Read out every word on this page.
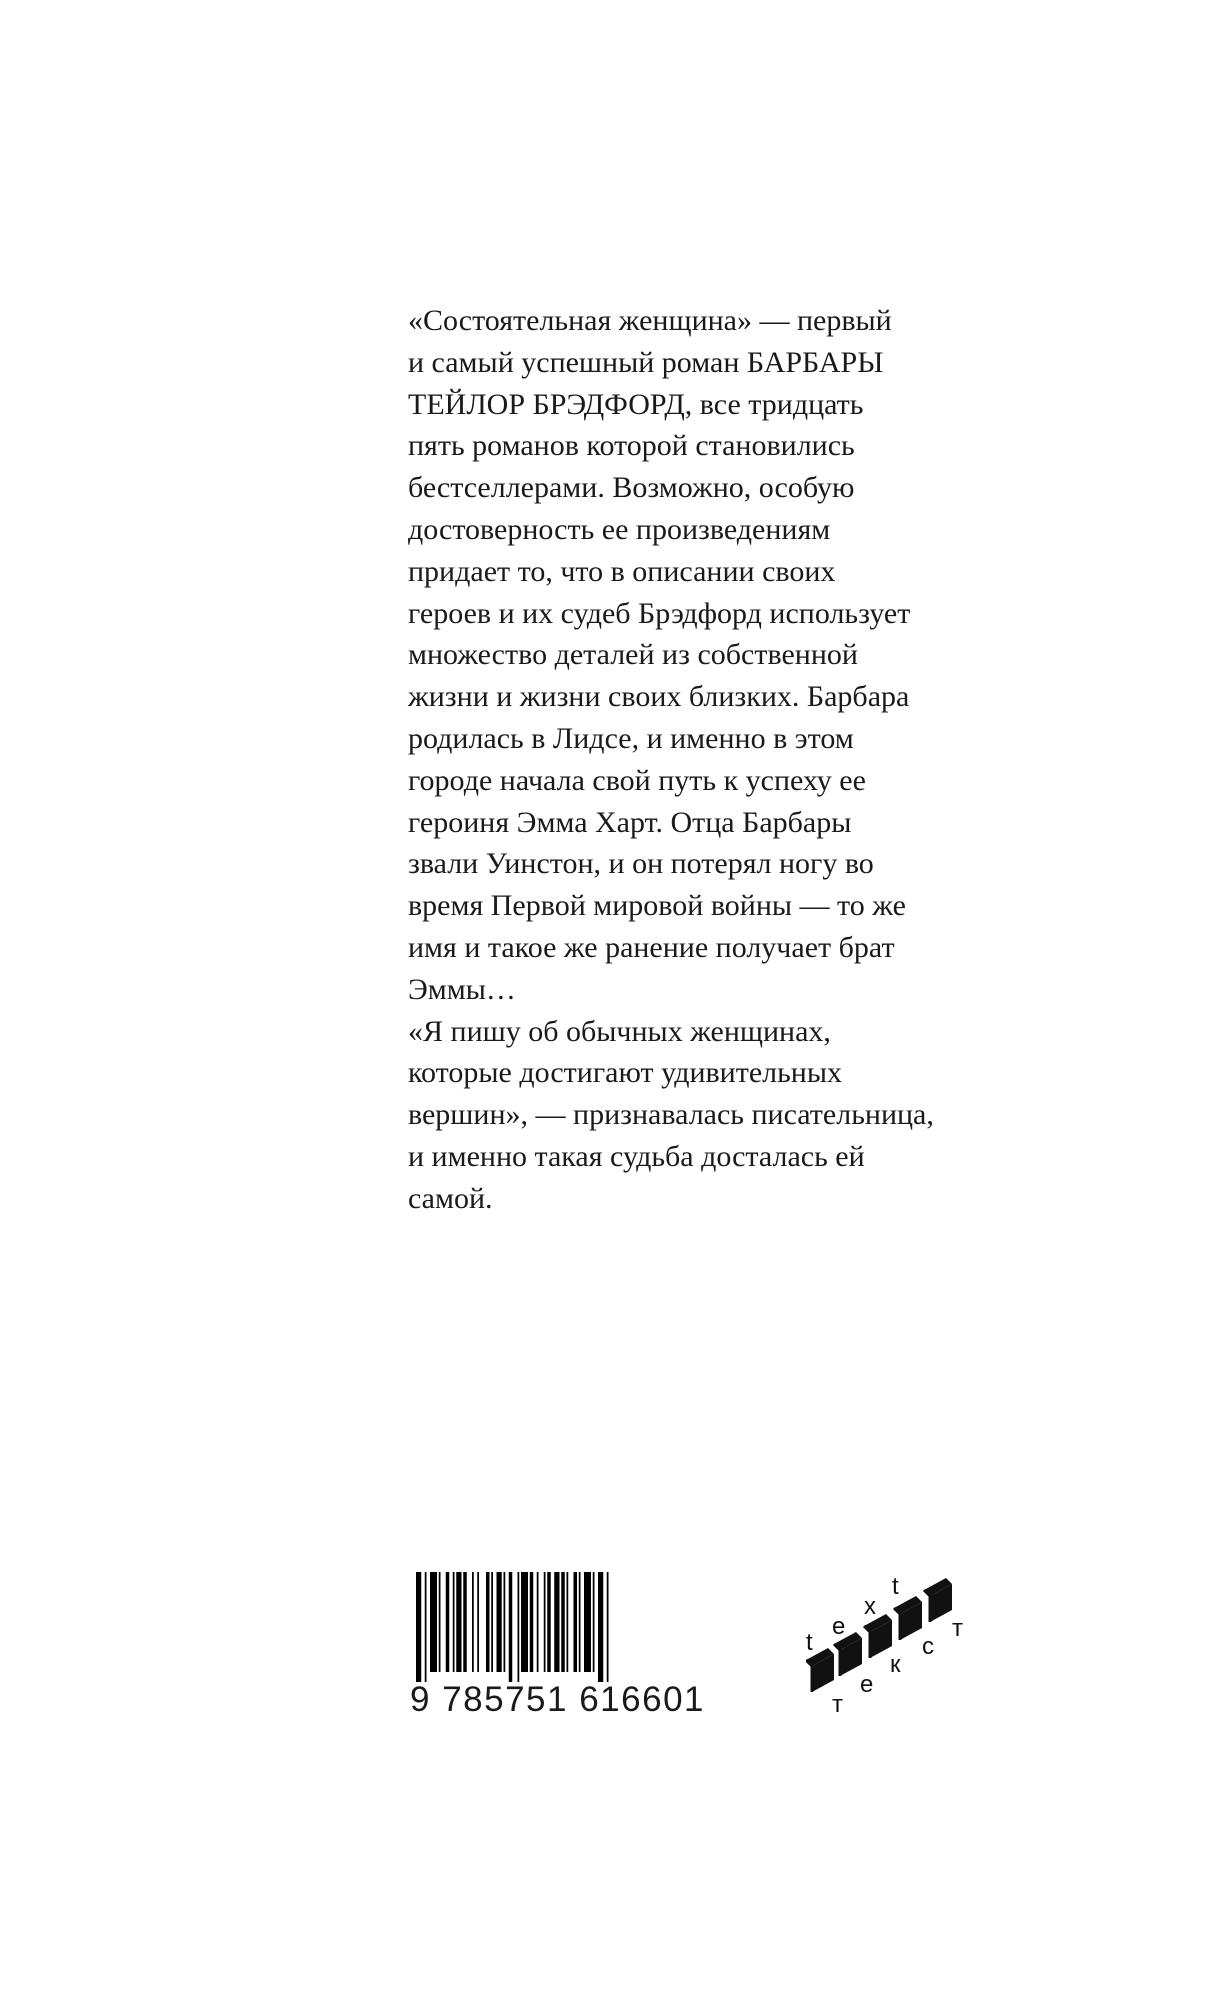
«Состоятельная женщина» — первый
и самый успешный роман БАРБАРЫ
ТЕЙЛОР БРЭДФОРД, все тридцать
пять романов которой становились
бестселлерами. Возможно, особую
достоверность ее произведениям
придает то, что в описании своих
героев и их судеб Брэдфорд использует
множество деталей из собственной
жизни и жизни своих близких. Барбара
родилась в Лидсе, и именно в этом
городе начала свой путь к успеху ее
героиня Эмма Харт. Отца Барбары
звали Уинстон, и он потерял ногу во
время Первой мировой войны — то же
имя и такое же ранение получает брат
Эммы…
«Я пишу об обычных женщинах,
которые достигают удивительных
вершин», — признавалась писательница,
и именно такая судьба досталась ей
самой.
9 785751 616601	т
e
к
с
т
t
х
е
t
